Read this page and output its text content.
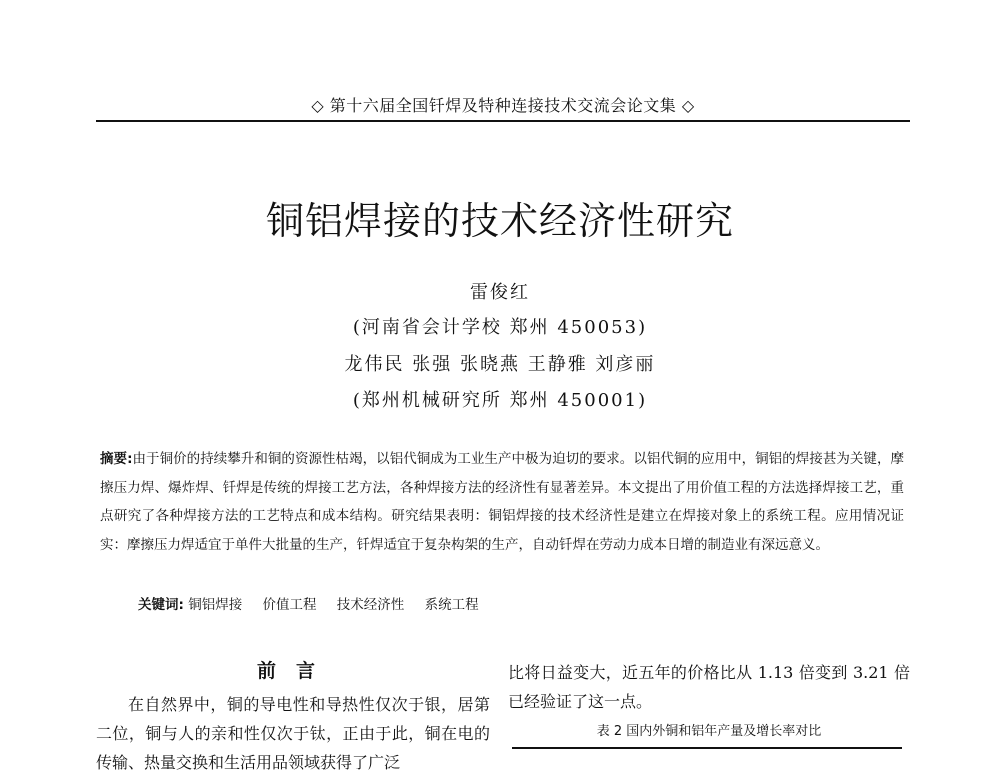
◇ 第十六届全国钎焊及特种连接技术交流会论文集 ◇
铜铝焊接的技术经济性研究
雷俊红
(河南省会计学校 郑州 450053)
龙伟民 张强 张晓燕 王静雅 刘彦丽
(郑州机械研究所 郑州 450001)
摘要:由于铜价的持续攀升和铜的资源性枯竭，以铝代铜成为工业生产中极为迫切的要求。以铝代铜的应用中，铜铝的焊接甚为关键，摩擦压力焊、爆炸焊、钎焊是传统的焊接工艺方法，各种焊接方法的经济性有显著差异。本文提出了用价值工程的方法选择焊接工艺，重点研究了各种焊接方法的工艺特点和成本结构。研究结果表明：铜铝焊接的技术经济性是建立在焊接对象上的系统工程。应用情况证实：摩擦压力焊适宜于单件大批量的生产，钎焊适宜于复杂构架的生产，自动钎焊在劳动力成本日增的制造业有深远意义。
关键词: 铜铝焊接 价值工程 技术经济性 系统工程
前言

在自然界中，铜的导电性和导热性仅次于银，居第二位，铜与人的亲和性仅次于钛，正由于此，铜在电的传输、热量交换和生活用品领域获得了广泛

比将日益变大，近五年的价格比从 1.13 倍变到 3.21 倍已经验证了这一点。

表 2 国内外铜和铝年产量及增长率对比
